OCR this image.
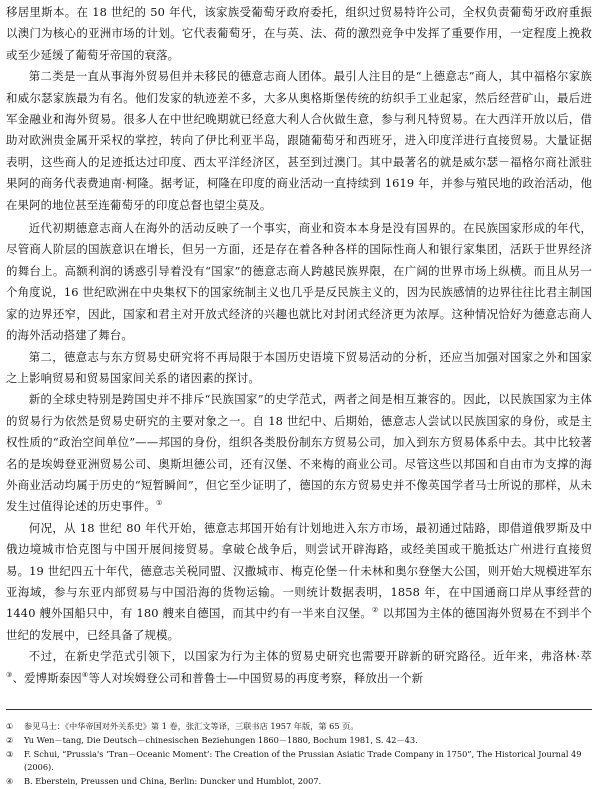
移居里斯本。在 18 世纪的 50 年代，该家族受葡萄牙政府委托，组织过贸易特许公司，全权负责葡萄牙政府重振以澳门为核心的亚洲市场的计划。它代表葡萄牙，在与英、法、荷的激烈竞争中发挥了重要作用，一定程度上挽救或至少延缓了葡萄牙帝国的衰落。

第二类是一直从事海外贸易但并未移民的德意志商人团体。最引人注目的是“上德意志”商人，其中福格尔家族和威尔瑟家族最为有名。他们发家的轨迹差不多，大多从奥格斯堡传统的纺织手工业起家，然后经营矿山，最后进军金融业和海外贸易。很多人在中世纪晚期就已经意大利人合伙做生意，参与利凡特贸易。在大西洋开放以后，借助对欧洲贵金属开采权的掌控，转向了伊比利亚半岛，跟随葡萄牙和西班牙，进入印度洋进行直接贸易。大量证据表明，这些商人的足迹抵达过印度、西太平洋经济区，甚至到过澳门。其中最著名的就是威尔瑟－福格尔商社派驻果阿的商务代表费迪南·柯隆。据考证，柯隆在印度的商业活动一直持续到 1619 年，并参与殖民地的政治活动，他在果阿的地位甚至连葡萄牙的印度总督也望尘莫及。

近代初期德意志商人在海外的活动反映了一个事实，商业和资本本身是没有国界的。在民族国家形成的年代，尽管商人阶层的国族意识在增长，但另一方面，还是存在着各种各样的国际性商人和银行家集团，活跃于世界经济的舞台上。高额利润的诱惑引导着没有“国家”的德意志商人跨越民族界限，在广阔的世界市场上纵横。而且从另一个角度说，16 世纪欧洲在中央集权下的国家统制主义也几乎是反民族主义的，因为民族感情的边界往往比君主制国家的边界还窄，因此，国家和君主对开放式经济的兴趣也就比对封闭式经济更为浓厚。这种情况恰好为德意志商人的海外活动搭建了舞台。

第二，德意志与东方贸易史研究将不再局限于本国历史语境下贸易活动的分析，还应当加强对国家之外和国家之上影响贸易和贸易国家间关系的诸因素的探讨。

新的全球史特别是跨国史并不排斥“民族国家”的史学范式，两者之间是相互兼容的。因此，以民族国家为主体的贸易行为依然是贸易史研究的主要对象之一。自 18 世纪中、后期始，德意志人尝试以民族国家的身份，或是主权性质的“政治空间单位”——邦国的身份，组织各类股份制东方贸易公司，加入到东方贸易体系中去。其中比较著名的是埃姆登亚洲贸易公司、奥斯坦德公司，还有汉堡、不来梅的商业公司。尽管这些以邦国和自由市为支撑的海外商业活动均属于历史的“短暂瞬间”，但它至少证明了，德国的东方贸易史并不像英国学者马士所说的那样，从未发生过值得论述的历史事件。①

何况，从 18 世纪 80 年代开始，德意志邦国开始有计划地进入东方市场，最初通过陆路，即借道俄罗斯及中俄边境城市恰克图与中国开展间接贸易。拿破仑战争后，则尝试开辟海路，或经美国或干脆抵达广州进行直接贸易。19 世纪四五十年代，德意志关税同盟、汉撒城市、梅克伦堡－什未林和奥尔登堡大公国，则开始大规模进军东亚海域，参与东亚内部贸易与中国沿海的货物运输。一则统计数据表明，1858 年，在中国通商口岸从事经营的 1440 艘外国船只中，有 180 艘来自德国，而其中约有一半来自汉堡。② 以邦国为主体的德国海外贸易在不到半个世纪的发展中，已经具备了规模。

不过，在新史学范式引领下，以国家为行为主体的贸易史研究也需要开辟新的研究路径。近年来，弗洛林·萃③、爱博斯泰因④等人对埃姆登公司和普鲁士—中国贸易的再度考察，释放出一个新

①	参见马士：《中华帝国对外关系史》第 1 卷，张汇文等译，三联书店 1957 年版，第 65 页。
②	Yu Wen－tang, Die Deutsch－chinesischen Beziehungen 1860－1880, Bochum 1981, S. 42－43.
③	F. Schui, “Prussia's ‘Tran－Oceanic Moment’: The Creation of the Prussian Asiatic Trade Company in 1750”, The Historical Journal 49
(2006).
④	B. Eberstein, Preussen und China, Berlin: Duncker und Humblot, 2007.
